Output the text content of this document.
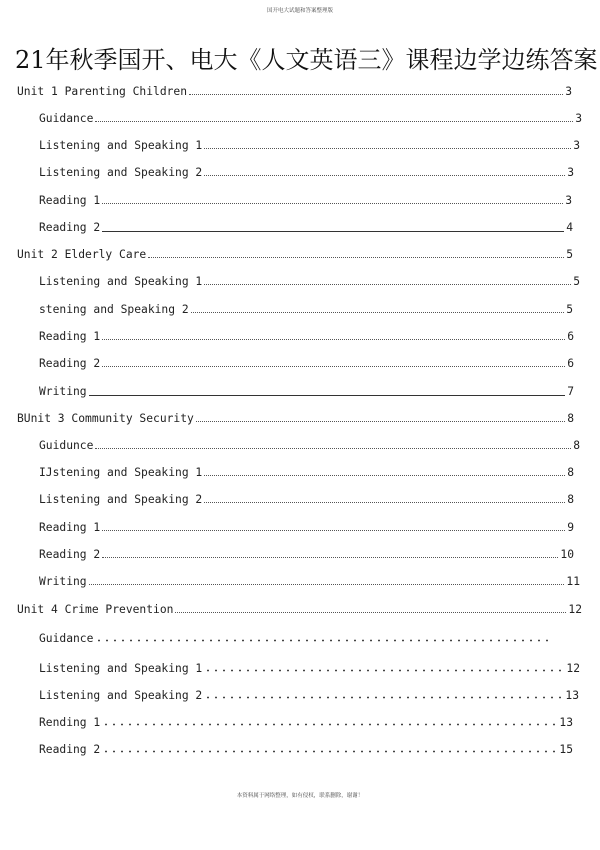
国开电大试题和答案整理版
21年秋季国开、电大《人文英语三》课程边学边练答案
Unit 1 Parenting Children	3
Guidance	3
Listening and Speaking 1	3
Listening and Speaking 2	3
Reading 1	3
Reading 2	4
Unit 2 Elderly Care	5
Listening and Speaking 1	5
stening and Speaking 2	5
Reading 1	6
Reading 2	6
Writing	7
BUnit 3 Community Security	8
Guidunce	8
IJstening and Speaking 1	8
Listening and Speaking 2	8
Reading 1	9
Reading 2	10
Writing	11
Unit 4 Crime Prevention	12
Guidance
Listening and Speaking 1	12
Listening and Speaking 2	13
Rending 1	13
Reading 2	15
本资料属于网络整理，如有侵权，联系删除，谢谢！
